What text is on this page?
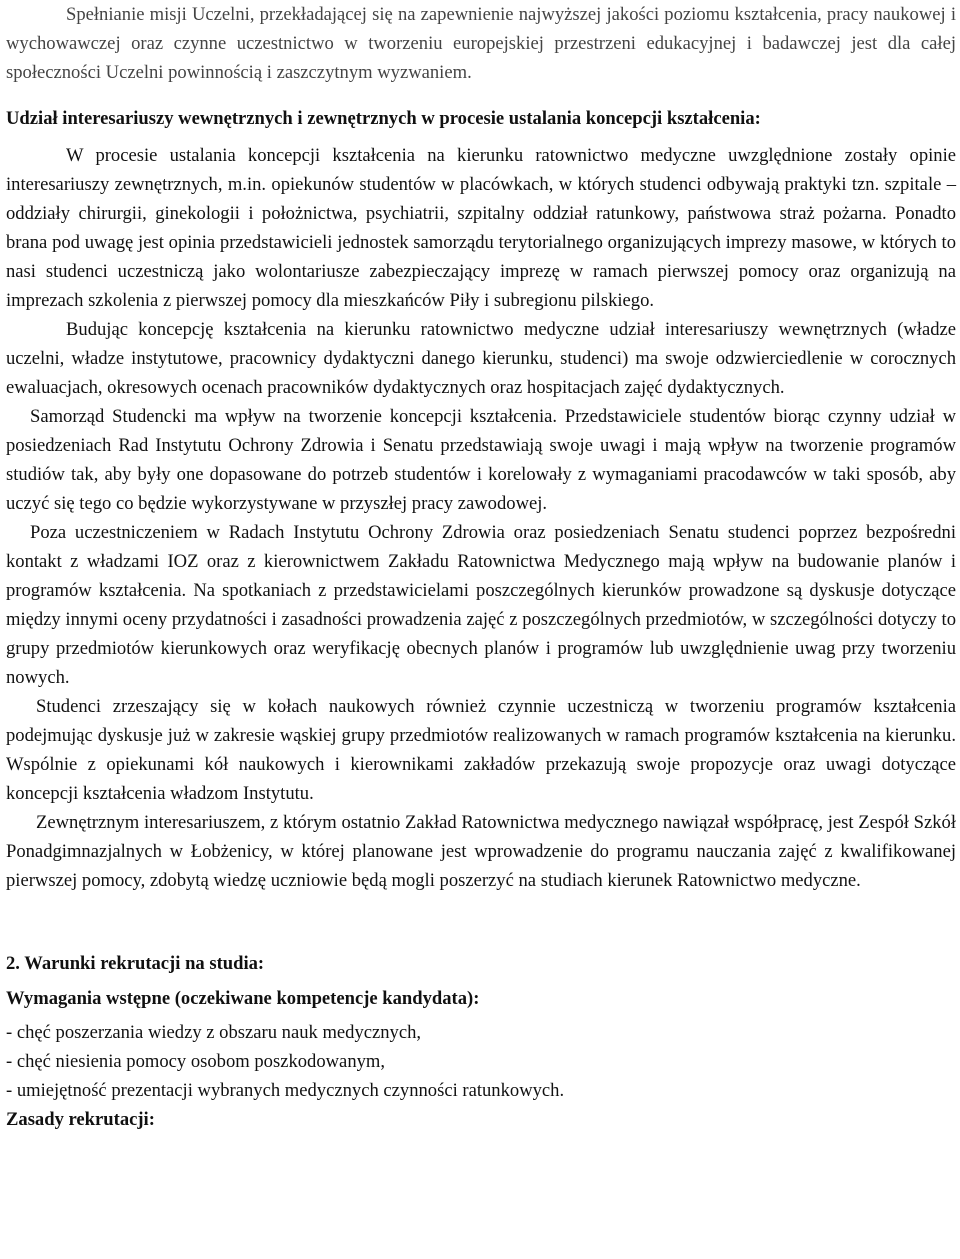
Spełnianie misji Uczelni, przekładającej się na zapewnienie najwyższej jakości poziomu kształcenia, pracy naukowej i wychowawczej oraz czynne uczestnictwo w tworzeniu europejskiej przestrzeni edukacyjnej i badawczej jest dla całej społeczności Uczelni powinnością i zaszczytnym wyzwaniem.

Udział interesariuszy wewnętrznych i zewnętrznych w procesie ustalania koncepcji kształcenia:

W procesie ustalania koncepcji kształcenia na kierunku ratownictwo medyczne uwzględnione zostały opinie interesariuszy zewnętrznych, m.in. opiekunów studentów w placówkach, w których studenci odbywają praktyki tzn. szpitale – oddziały chirurgii, ginekologii i położnictwa, psychiatrii, szpitalny oddział ratunkowy, państwowa straż pożarna. Ponadto brana pod uwagę jest opinia przedstawicieli jednostek samorządu terytorialnego organizujących imprezy masowe, w których to nasi studenci uczestniczą jako wolontariusze zabezpieczający imprezę w ramach pierwszej pomocy oraz organizują na imprezach szkolenia z pierwszej pomocy dla mieszkańców Piły i subregionu pilskiego.

Budując koncepcję kształcenia na kierunku ratownictwo medyczne udział interesariuszy wewnętrznych (władze uczelni, władze instytutowe, pracownicy dydaktyczni danego kierunku, studenci) ma swoje odzwierciedlenie w corocznych ewaluacjach, okresowych ocenach pracowników dydaktycznych oraz hospitacjach zajęć dydaktycznych.

Samorząd Studencki ma wpływ na tworzenie koncepcji kształcenia. Przedstawiciele studentów biorąc czynny udział w posiedzeniach Rad Instytutu Ochrony Zdrowia i Senatu przedstawiają swoje uwagi i mają wpływ na tworzenie programów studiów tak, aby były one dopasowane do potrzeb studentów i korelowały z wymaganiami pracodawców w taki sposób, aby uczyć się tego co będzie wykorzystywane w przyszłej pracy zawodowej.

Poza uczestniczeniem w Radach Instytutu Ochrony Zdrowia oraz posiedzeniach Senatu studenci poprzez bezpośredni kontakt z władzami IOZ oraz z kierownictwem Zakładu Ratownictwa Medycznego mają wpływ na budowanie planów i programów kształcenia. Na spotkaniach z przedstawicielami poszczególnych kierunków prowadzone są dyskusje dotyczące między innymi oceny przydatności i zasadności prowadzenia zajęć z poszczególnych przedmiotów, w szczególności dotyczy to grupy przedmiotów kierunkowych oraz weryfikację obecnych planów i programów lub uwzględnienie uwag przy tworzeniu nowych.

Studenci zrzeszający się w kołach naukowych również czynnie uczestniczą w tworzeniu programów kształcenia podejmując dyskusje już w zakresie wąskiej grupy przedmiotów realizowanych w ramach programów kształcenia na kierunku. Wspólnie z opiekunami kół naukowych i kierownikami zakładów przekazują swoje propozycje oraz uwagi dotyczące koncepcji kształcenia władzom Instytutu.

Zewnętrznym interesariuszem, z którym ostatnio Zakład Ratownictwa medycznego nawiązał współpracę, jest Zespół Szkół Ponadgimnazjalnych w Łobżenicy, w której planowane jest wprowadzenie do programu nauczania zajęć z kwalifikowanej pierwszej pomocy, zdobytą wiedzę uczniowie będą mogli poszerzyć na studiach kierunek Ratownictwo medyczne.

2. Warunki rekrutacji na studia:

Wymagania wstępne (oczekiwane kompetencje kandydata):

- chęć poszerzania wiedzy z obszaru nauk medycznych,
- chęć niesienia pomocy osobom poszkodowanym,
- umiejętność prezentacji wybranych medycznych czynności ratunkowych.

Zasady rekrutacji:
